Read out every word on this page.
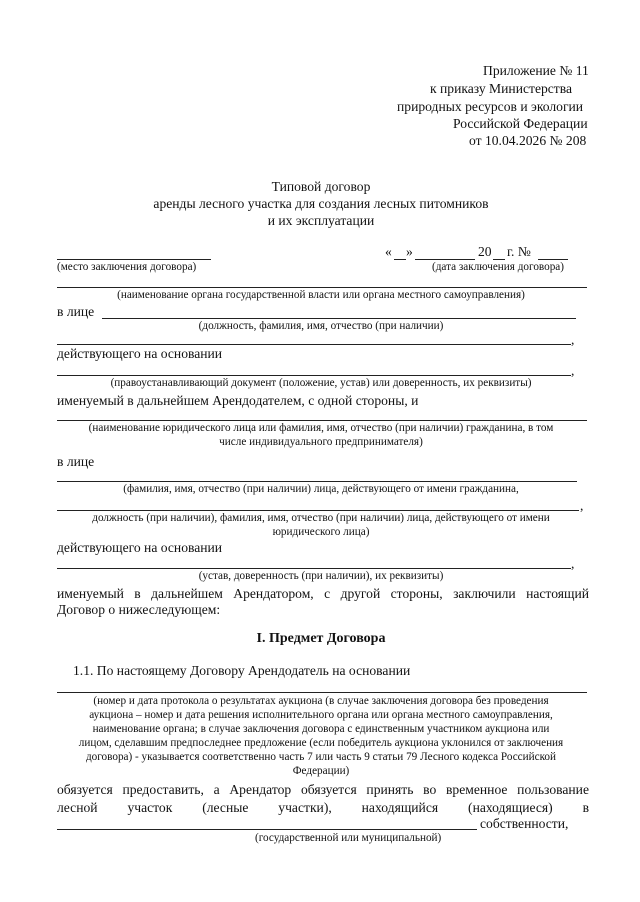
Приложение № 11
к приказу Министерства
природных ресурсов и экологии
Российской Федерации
от 10.04.2026 № 208
Типовой договор
аренды лесного участка для создания лесных питомников
и их эксплуатации
« »	20 г. №
(место заключения договора)	(дата заключения договора)
(наименование органа государственной власти или органа местного самоуправления)
в лице
(должность, фамилия, имя, отчество (при наличии)
,
действующего на основании
,
(правоустанавливающий документ (положение, устав) или доверенность, их реквизиты)
именуемый в дальнейшем Арендодателем, с одной стороны, и
(наименование юридического лица или фамилия, имя, отчество (при наличии) гражданина, в том
числе индивидуального предпринимателя)
в лице
(фамилия, имя, отчество (при наличии) лица, действующего от имени гражданина,
,
должность (при наличии), фамилия, имя, отчество (при наличии) лица, действующего от имени
юридического лица)
действующего на основании
,
(устав, доверенность (при наличии), их реквизиты)
именуемый в дальнейшем Арендатором, с другой стороны, заключили настоящий
Договор о нижеследующем:
I. Предмет Договора
1.1. По настоящему Договору Арендодатель на основании
(номер и дата протокола о результатах аукциона (в случае заключения договора без проведения
аукциона – номер и дата решения исполнительного органа или органа местного самоуправления,
наименование органа; в случае заключения договора с единственным участником аукциона или
лицом, сделавшим предпоследнее предложение (если победитель аукциона уклонился от заключения
договора) - указывается соответственно часть 7 или часть 9 статьи 79 Лесного кодекса Российской
Федерации)
обязуется предоставить, а Арендатор обязуется принять во временное пользование
лесной участок (лесные участки), находящийся (находящиеся) в
собственности,
(государственной или муниципальной)
